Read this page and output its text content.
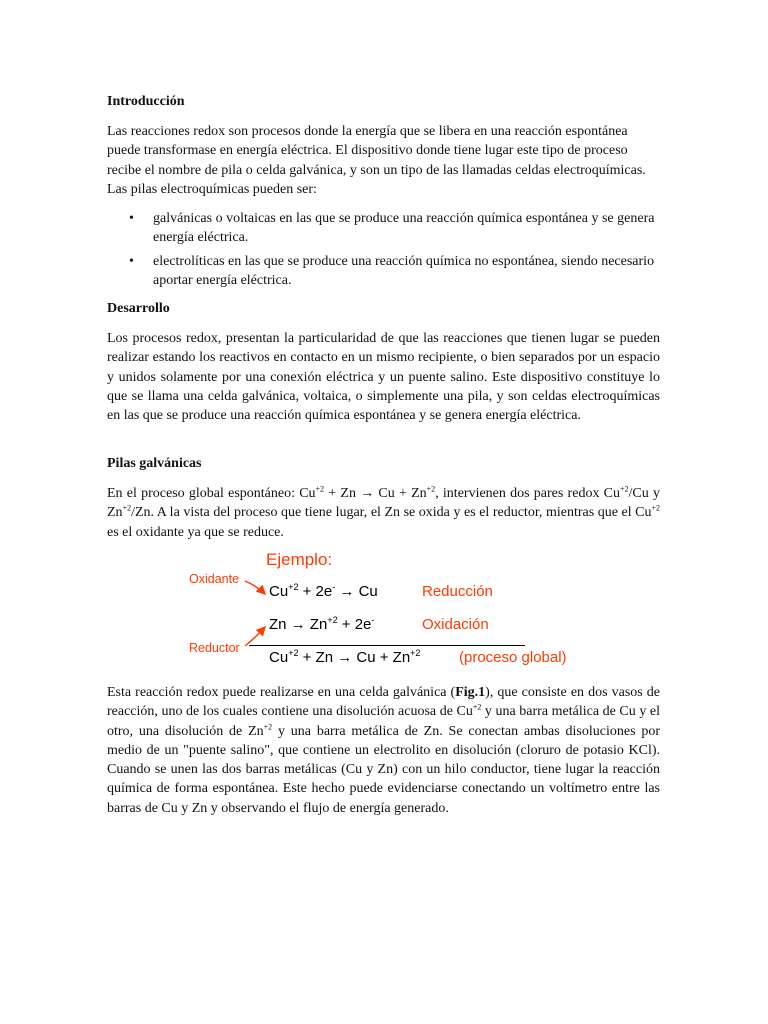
Introducción
Las reacciones redox son procesos donde la energía que se libera en una reacción espontánea puede transformase en energía eléctrica. El dispositivo donde tiene lugar este tipo de proceso recibe el nombre de pila o celda galvánica, y son un tipo de las llamadas celdas electroquímicas. Las pilas electroquímicas pueden ser:
• galvánicas o voltaicas en las que se produce una reacción química espontánea y se genera energía eléctrica.
• electrolíticas en las que se produce una reacción química no espontánea, siendo necesario aportar energía eléctrica.
Desarrollo
Los procesos redox, presentan la particularidad de que las reacciones que tienen lugar se pueden realizar estando los reactivos en contacto en un mismo recipiente, o bien separados por un espacio y unidos solamente por una conexión eléctrica y un puente salino. Este dispositivo constituye lo que se llama una celda galvánica, voltaica, o simplemente una pila, y son celdas electroquímicas en las que se produce una reacción química espontánea y se genera energía eléctrica.
Pilas galvánicas
En el proceso global espontáneo: $Cu^{+2} + Zn \to Cu + Zn^{+2}$, intervienen dos pares redox $Cu^{+2}/Cu$ y $Zn^{+2}/Zn$. A la vista del proceso que tiene lugar, el Zn se oxida y es el reductor, mientras que el $Cu^{+2}$ es el oxidante ya que se reduce.
Esta reacción redox puede realizarse en una celda galvánica (Fig.1), que consiste en dos vasos de reacción, uno de los cuales contiene una disolución acuosa de $Cu^{+2}$ y una barra metálica de Cu y el otro, una disolución de $Zn^{+2}$ y una barra metálica de Zn. Se conectan ambas disoluciones por medio de un "puente salino", que contiene un electrolito en disolución (cloruro de potasio KCl). Cuando se unen las dos barras metálicas (Cu y Zn) con un hilo conductor, tiene lugar la reacción química de forma espontánea. Este hecho puede evidenciarse conectando un voltímetro entre las barras de Cu y Zn y observando el flujo de energía generado.
Ejemplo:
Oxidante
Reductor
$Cu^{+2} + 2e^- \to Cu$	Reducción
$Zn \to Zn^{+2} + 2e^-$	Oxidación
$Cu^{+2} + Zn \to Cu + Zn^{+2}$	(proceso global)
